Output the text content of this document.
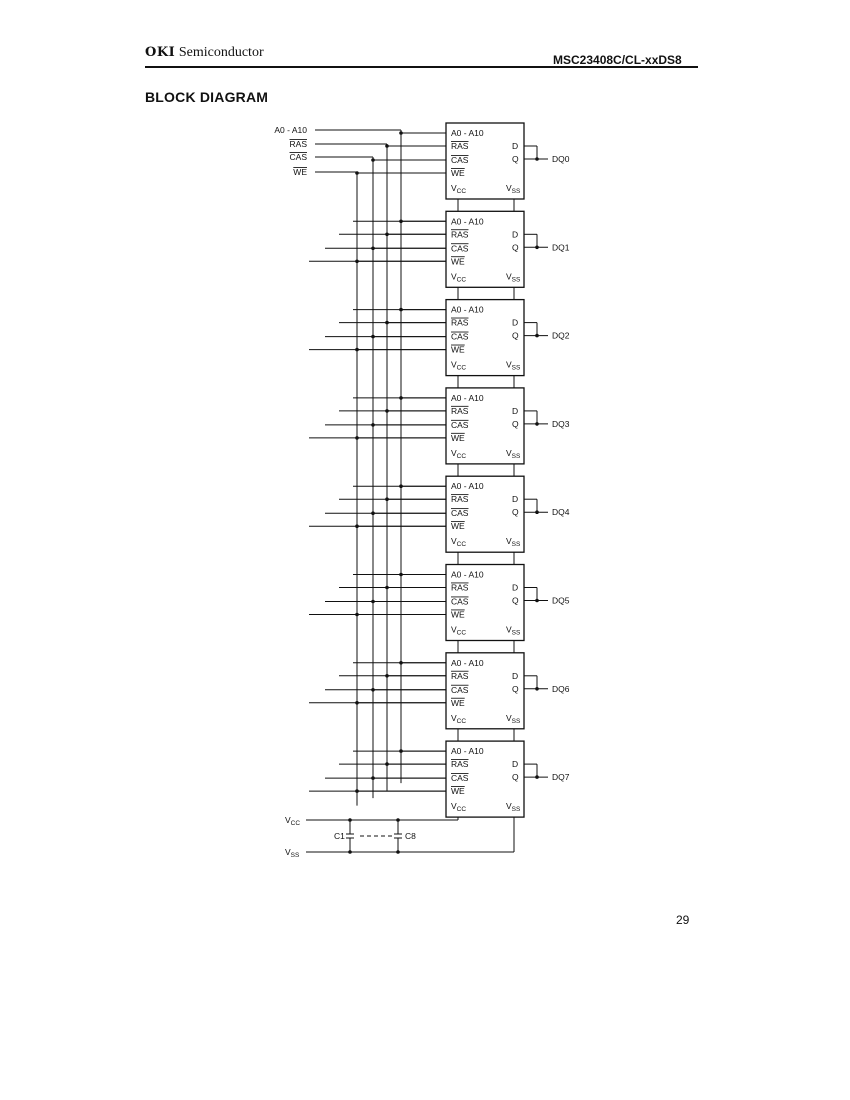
OKI Semiconductor	MSC23408C/CL-xxDS8
BLOCK DIAGRAM
A0 - A10
RAS
CAS
WE
A0 - A10
RAS
CAS
WE
D
Q	DQ0
$V_{CC}$	$V_{SS}$
A0 - A10
RAS
CAS
WE
D
Q	DQ1
$V_{CC}$	$V_{SS}$
A0 - A10
RAS
CAS
WE
D
Q	DQ2
$V_{CC}$	$V_{SS}$
A0 - A10
RAS
CAS
WE
D
Q	DQ3
$V_{CC}$	$V_{SS}$
A0 - A10
RAS
CAS
WE
D
Q	DQ4
$V_{CC}$	$V_{SS}$
A0 - A10
RAS
CAS
WE
D
Q	DQ5
$V_{CC}$	$V_{SS}$
A0 - A10
RAS
CAS
WE
D
Q	DQ6
$V_{CC}$	$V_{SS}$
A0 - A10
RAS
CAS
WE
D
Q	DQ7
$V_{CC}$	$V_{SS}$
$V_{CC}$
$V_{SS}$
C1	C8
29
